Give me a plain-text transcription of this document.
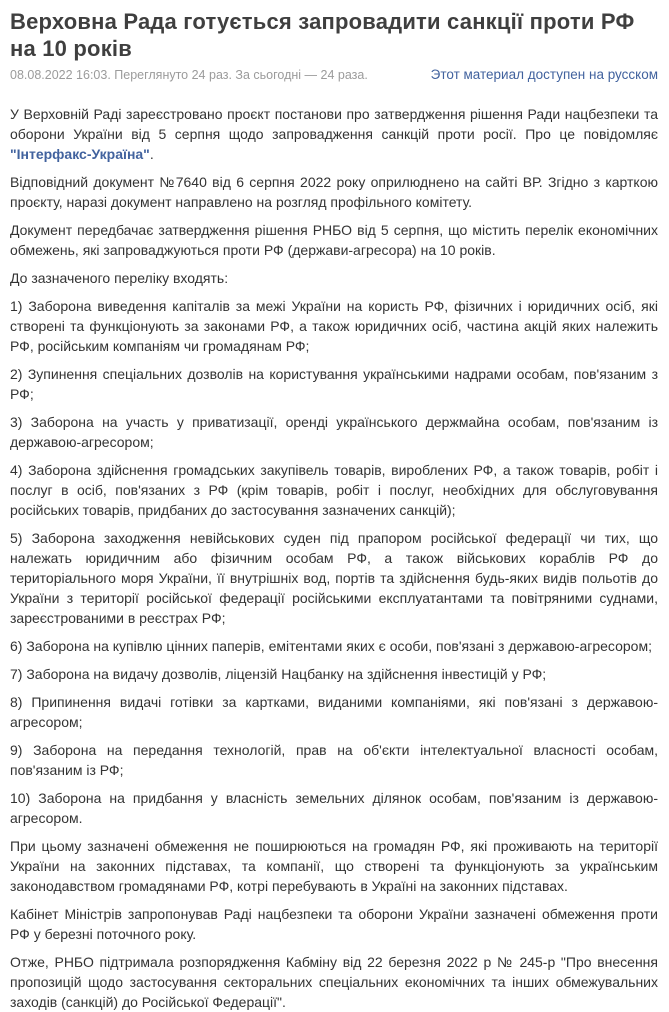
Верховна Рада готується запровадити санкції проти РФ на 10 років
08.08.2022 16:03. Переглянуто 24 раз. За сьогодні — 24 раза.	Этот материал доступен на русском

У Верховній Раді зареєстровано проєкт постанови про затвердження рішення Ради нацбезпеки та оборони України від 5 серпня щодо запровадження санкцій проти росії. Про це повідомляє "Інтерфакс-Україна".

Відповідний документ №7640 від 6 серпня 2022 року оприлюднено на сайті ВР. Згідно з карткою проєкту, наразі документ направлено на розгляд профільного комітету.

Документ передбачає затвердження рішення РНБО від 5 серпня, що містить перелік економічних обмежень, які запроваджуються проти РФ (держави-агресора) на 10 років.

До зазначеного переліку входять:

1) Заборона виведення капіталів за межі України на користь РФ, фізичних і юридичних осіб, які створені та функціонують за законами РФ, а також юридичних осіб, частина акцій яких належить РФ, російським компаніям чи громадянам РФ;

2) Зупинення спеціальних дозволів на користування українськими надрами особам, пов'язаним з РФ;

3) Заборона на участь у приватизації, оренді українського держмайна особам, пов'язаним із державою-агресором;

4) Заборона здійснення громадських закупівель товарів, вироблених РФ, а також товарів, робіт і послуг в осіб, пов'язаних з РФ (крім товарів, робіт і послуг, необхідних для обслуговування російських товарів, придбаних до застосування зазначених санкцій);

5) Заборона заходження невійськових суден під прапором російської федерації чи тих, що належать юридичним або фізичним особам РФ, а також військових кораблів РФ до територіального моря України, її внутрішніх вод, портів та здійснення будь-яких видів польотів до України з території російської федерації російськими експлуатантами та повітряними суднами, зареєстрованими в реєстрах РФ;

6) Заборона на купівлю цінних паперів, емітентами яких є особи, пов'язані з державою-агресором;

7) Заборона на видачу дозволів, ліцензій Нацбанку на здійснення інвестицій у РФ;

8) Припинення видачі готівки за картками, виданими компаніями, які пов'язані з державою-агресором;

9) Заборона на передання технологій, прав на об'єкти інтелектуальної власності особам, пов'язаним із РФ;

10) Заборона на придбання у власність земельних ділянок особам, пов'язаним із державою-агресором.

При цьому зазначені обмеження не поширюються на громадян РФ, які проживають на території України на законних підставах, та компанії, що створені та функціонують за українським законодавством громадянами РФ, котрі перебувають в Україні на законних підставах.

Кабінет Міністрів запропонував Раді нацбезпеки та оборони України зазначені обмеження проти РФ у березні поточного року.

Отже, РНБО підтримала розпорядження Кабміну від 22 березня 2022 р № 245-р "Про внесення пропозицій щодо застосування секторальних спеціальних економічних та інших обмежувальних заходів (санкцій) до Російської Федерації".
